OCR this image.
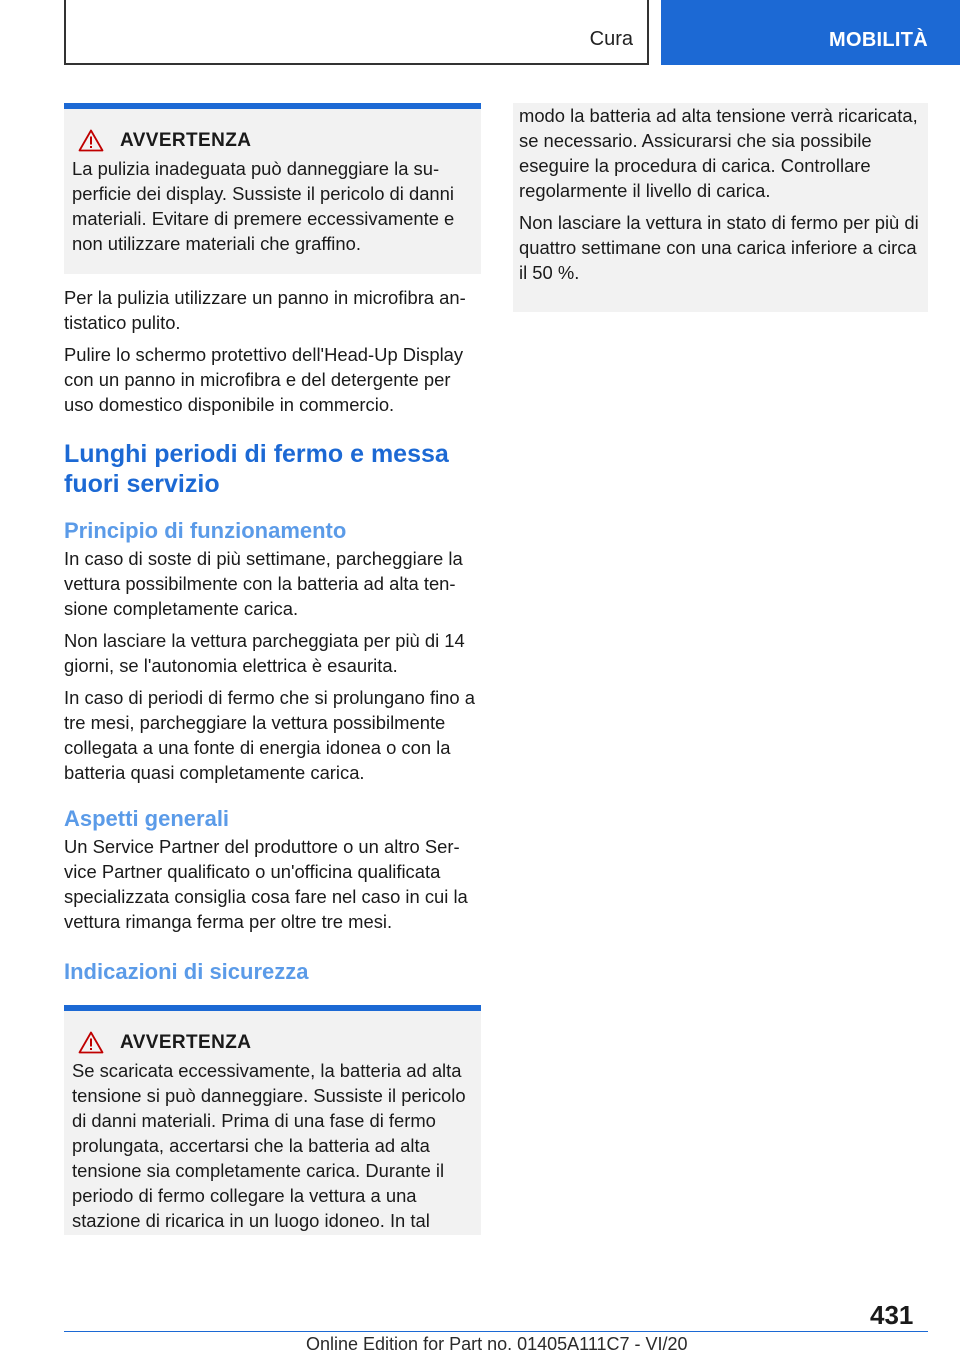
Cura	MOBILITÀ
AVVERTENZA

La pulizia inadeguata può danneggiare la superficie dei display. Sussiste il pericolo di danni materiali. Evitare di premere eccessivamente e non utilizzare materiali che graffino.

Per la pulizia utilizzare un panno in microfibra antistatico pulito.

Pulire lo schermo protettivo dell'Head-Up Display con un panno in microfibra e del detergente per uso domestico disponibile in commercio.

Lunghi periodi di fermo e messa fuori servizio
Principio di funzionamento

In caso di soste di più settimane, parcheggiare la vettura possibilmente con la batteria ad alta tensione completamente carica.

Non lasciare la vettura parcheggiata per più di 14 giorni, se l'autonomia elettrica è esaurita.

In caso di periodi di fermo che si prolungano fino a tre mesi, parcheggiare la vettura possibilmente collegata a una fonte di energia idonea o con la batteria quasi completamente carica.

Aspetti generali

Un Service Partner del produttore o un altro Service Partner qualificato o un'officina qualificata specializzata consiglia cosa fare nel caso in cui la vettura rimanga ferma per oltre tre mesi.

Indicazioni di sicurezza
AVVERTENZA

Se scaricata eccessivamente, la batteria ad alta tensione si può danneggiare. Sussiste il pericolo di danni materiali. Prima di una fase di fermo prolungata, accertarsi che la batteria ad alta tensione sia completamente carica. Durante il periodo di fermo collegare la vettura a una stazione di ricarica in un luogo idoneo. In tal

modo la batteria ad alta tensione verrà ricaricata, se necessario. Assicurarsi che sia possibile eseguire la procedura di carica. Controllare regolarmente il livello di carica.

Non lasciare la vettura in stato di fermo per più di quattro settimane con una carica inferiore a circa il 50 %.

431
Online Edition for Part no. 01405A111C7 - VI/20
